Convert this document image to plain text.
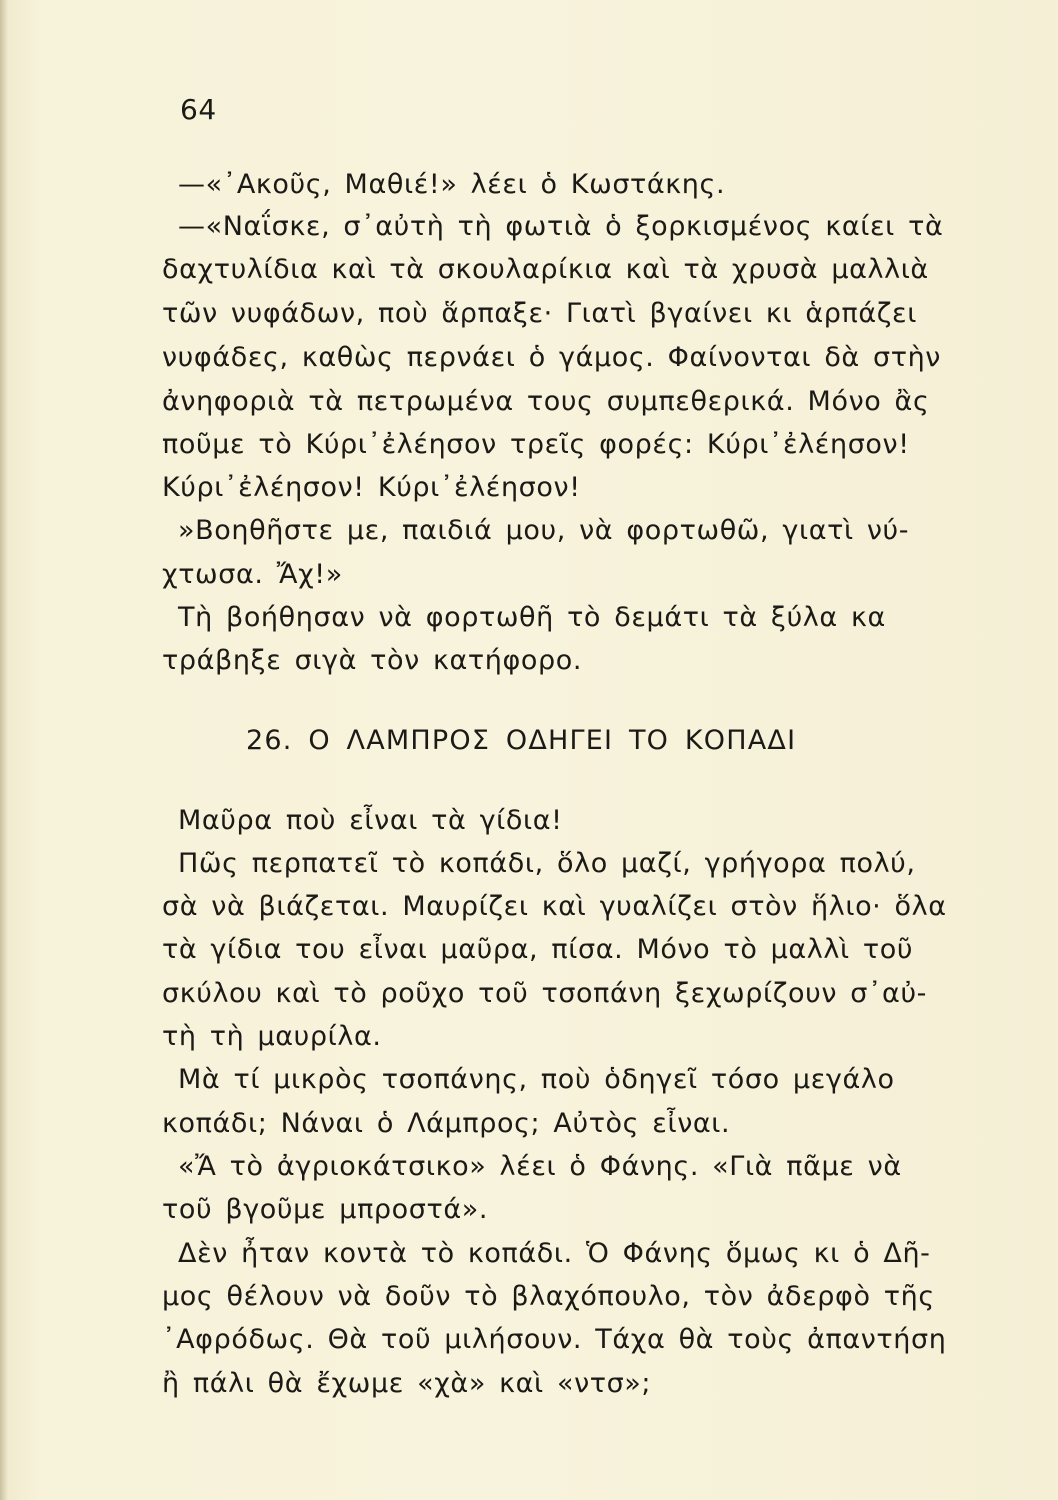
64
—«᾿Ακοῦς, Μαθιέ!» λέει ὁ Κωστάκης.
—«Ναΐσκε, σ᾿αὐτὴ τὴ φωτιὰ ὁ ξορκισμένος καίει τὰ
δαχτυλίδια καὶ τὰ σκουλαρίκια καὶ τὰ χρυσὰ μαλλιὰ
τῶν νυφάδων, ποὺ ἅρπαξε· Γιατὶ βγαίνει κι ἁρπάζει
νυφάδες, καθὼς περνάει ὁ γάμος. Φαίνονται δὰ στὴν
ἀνηφοριὰ τὰ πετρωμένα τους συμπεθερικά. Μόνο ἂς
ποῦμε τὸ Κύρι᾿ἐλέησον τρεῖς φορές: Κύρι᾿ἐλέησον!
Κύρι᾿ἐλέησον! Κύρι᾿ἐλέησον!
»Βοηθῆστε με, παιδιά μου, νὰ φορτωθῶ, γιατὶ νύ-
χτωσα. Ἄχ!»
Τὴ βοήθησαν νὰ φορτωθῆ τὸ δεμάτι τὰ ξύλα κα
τράβηξε σιγὰ τὸν κατήφορο.
26. Ο ΛΑΜΠΡΟΣ ΟΔΗΓΕΙ ΤΟ ΚΟΠΑΔΙ
Μαῦρα ποὺ εἶναι τὰ γίδια!
Πῶς περπατεῖ τὸ κοπάδι, ὅλο μαζί, γρήγορα πολύ,
σὰ νὰ βιάζεται. Μαυρίζει καὶ γυαλίζει στὸν ἥλιο· ὅλα
τὰ γίδια του εἶναι μαῦρα, πίσα. Μόνο τὸ μαλλὶ τοῦ
σκύλου καὶ τὸ ροῦχο τοῦ τσοπάνη ξεχωρίζουν σ᾿αὐ-
τὴ τὴ μαυρίλα.
Μὰ τί μικρὸς τσοπάνης, ποὺ ὁδηγεῖ τόσο μεγάλο
κοπάδι; Νάναι ὁ Λάμπρος; Αὐτὸς εἶναι.
«Ἄ τὸ ἀγριοκάτσικο» λέει ὁ Φάνης. «Γιὰ πᾶμε νὰ
τοῦ βγοῦμε μπροστά».
Δὲν ἦταν κοντὰ τὸ κοπάδι. Ὁ Φάνης ὅμως κι ὁ Δῆ-
μος θέλουν νὰ δοῦν τὸ βλαχόπουλο, τὸν ἀδερφὸ τῆς
᾿Αφρόδως. Θὰ τοῦ μιλήσουν. Τάχα θὰ τοὺς ἀπαντήση
ἢ πάλι θὰ ἔχωμε «χὰ» καὶ «ντσ»;
